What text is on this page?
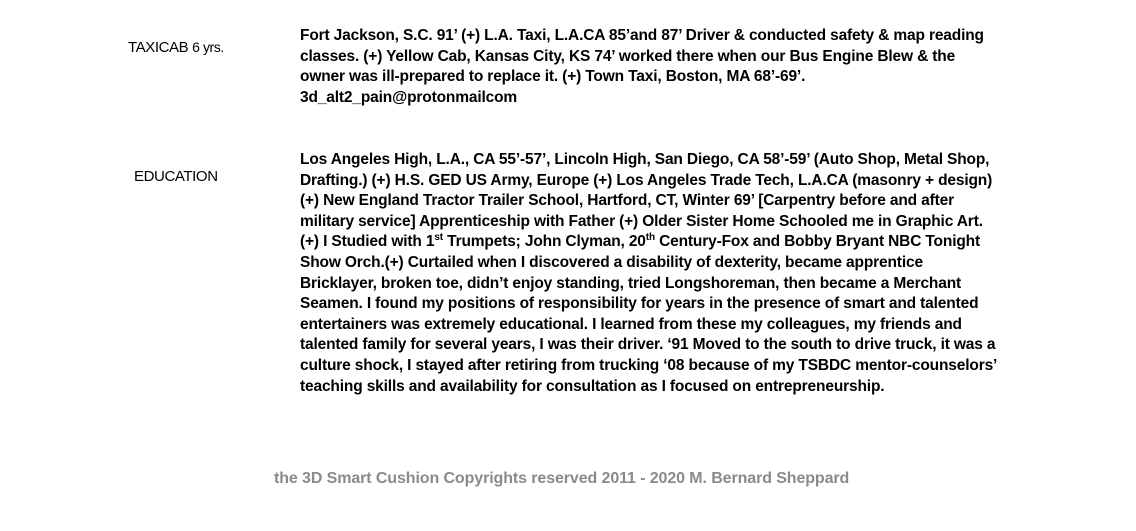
TAXICAB 6 yrs.
Fort Jackson, S.C. 91’ (+) L.A. Taxi, L.A.CA 85’and 87’ Driver & conducted safety & map reading
classes. (+) Yellow Cab, Kansas City, KS 74’ worked there when our Bus Engine Blew & the
owner was ill-prepared to replace it. (+) Town Taxi, Boston, MA 68’-69’.
3d_alt2_pain@protonmailcom
EDUCATION
Los Angeles High, L.A., CA 55’-57’, Lincoln High, San Diego, CA 58’-59’ (Auto Shop, Metal Shop,
Drafting.) (+) H.S. GED US Army, Europe (+) Los Angeles Trade Tech, L.A.CA (masonry + design)
(+) New England Tractor Trailer School, Hartford, CT, Winter 69’ [Carpentry before and after
military service] Apprenticeship with Father (+) Older Sister Home Schooled me in Graphic Art.
(+) I Studied with 1st Trumpets; John Clyman, 20th Century-Fox and Bobby Bryant NBC Tonight
Show Orch.(+) Curtailed when I discovered a disability of dexterity, became apprentice
Bricklayer, broken toe, didn’t enjoy standing, tried Longshoreman, then became a Merchant
Seamen. I found my positions of responsibility for years in the presence of smart and talented
entertainers was extremely educational. I learned from these my colleagues, my friends and
talented family for several years, I was their driver. ‘91 Moved to the south to drive truck, it was a
culture shock, I stayed after retiring from trucking ‘08 because of my TSBDC mentor-counselors’
teaching skills and availability for consultation as I focused on entrepreneurship.
the 3D Smart Cushion Copyrights reserved 2011 - 2020 M. Bernard Sheppard
